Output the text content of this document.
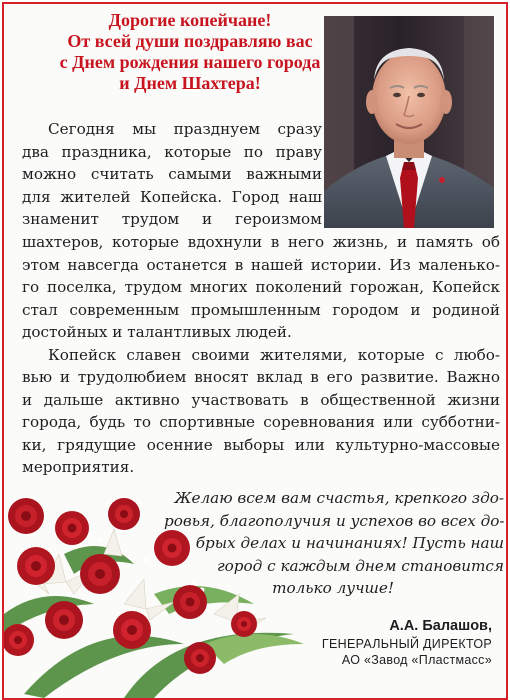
Дорогие копейчане!
От всей души поздравляю вас
с Днем рождения нашего города
и Днем Шахтера!
Сегодня мы празднуем сразу
два праздника, которые по праву
можно считать самыми важными
для жителей Копейска. Город наш
знаменит трудом и героизмом
шахтеров, которые вдохнули в него жизнь, и память об
этом навсегда останется в нашей истории. Из маленько-
го поселка, трудом многих поколений горожан, Копейск
стал современным промышленным городом и родиной
достойных и талантливых людей.
Копейск славен своими жителями, которые с любо-
вью и трудолюбием вносят вклад в его развитие. Важно
и дальше активно участвовать в общественной жизни
города, будь то спортивные соревнования или субботни-
ки, грядущие осенние выборы или культурно-массовые
мероприятия.
Желаю всем вам счастья, крепкого здо-
ровья, благополучия и успехов во всех до-
брых делах и начинаниях! Пусть наш
город с каждым днем становится
только лучше!
А.А. Балашов,
ГЕНЕРАЛЬНЫЙ ДИРЕКТОР
АО «Завод «Пластмасс»
